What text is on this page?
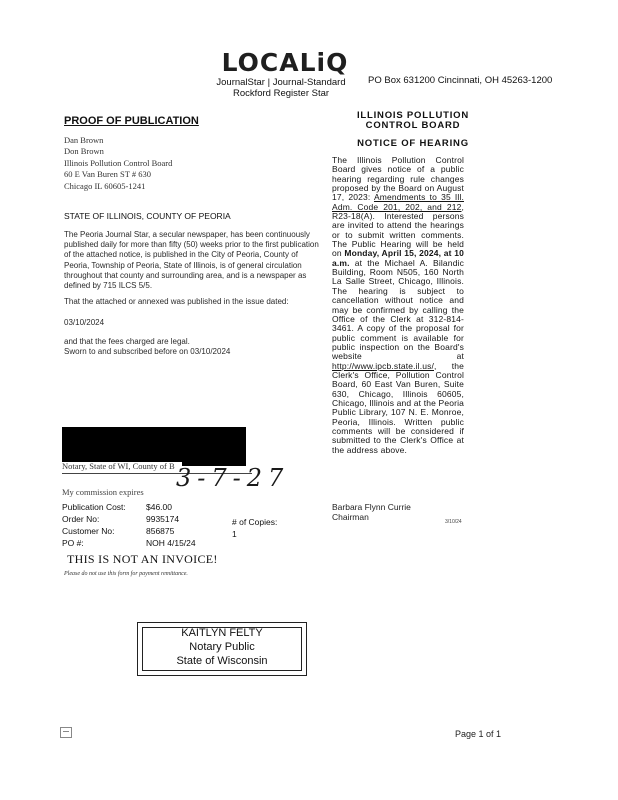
LOCALiQ
JournalStar | Journal-Standard
Rockford Register Star
PO Box 631200 Cincinnati, OH 45263-1200
PROOF OF PUBLICATION
Dan Brown
Don Brown
Illinois Pollution Control Board
60 E Van Buren ST # 630
Chicago IL 60605-1241
STATE OF ILLINOIS, COUNTY OF PEORIA
The Peoria Journal Star, a secular newspaper, has been continuously published daily for more than fifty (50) weeks prior to the first publication of the attached notice, is published in the City of Peoria, County of Peoria, Township of Peoria, State of Illinois, is of general circulation throughout that county and surrounding area, and is a newspaper as defined by 715 ILCS 5/5.
That the attached or annexed was published in the issue dated:
03/10/2024
and that the fees charged are legal.
Sworn to and subscribed before on 03/10/2024
Notary, State of WI, County of B 3-7-27
My commission expires
Publication Cost: $46.00
Order No:	9935174
Customer No:	856875
PO #:	NOH 4/15/24
# of Copies:
1
THIS IS NOT AN INVOICE!
Please do not use this form for payment remittance.
KAITLYN FELTY
Notary Public
State of Wisconsin
ILLINOIS POLLUTION
CONTROL BOARD
NOTICE OF HEARING
The Illinois Pollution Control Board gives notice of a public hearing regarding rule changes proposed by the Board on August 17, 2023: Amendments to 35 Ill. Adm. Code 201, 202, and 212, R23-18(A). Interested persons are invited to attend the hearings or to submit written comments. The Public Hearing will be held on Monday, April 15, 2024, at 10 a.m. at the Michael A. Bilandic Building, Room N505, 160 North La Salle Street, Chicago, Illinois. The hearing is subject to cancellation without notice and may be confirmed by calling the Office of the Clerk at 312-814-3461. A copy of the proposal for public comment is available for public inspection on the Board's website at http://www.ipcb.state.il.us/, the Clerk's Office, Pollution Control Board, 60 East Van Buren, Suite 630, Chicago, Illinois 60605, Chicago, Illinois and at the Peoria Public Library, 107 N. E. Monroe, Peoria, Illinois. Written public comments will be considered if submitted to the Clerk's Office at the address above.
Barbara Flynn Currie
Chairman
3/10/24
Page 1 of 1
